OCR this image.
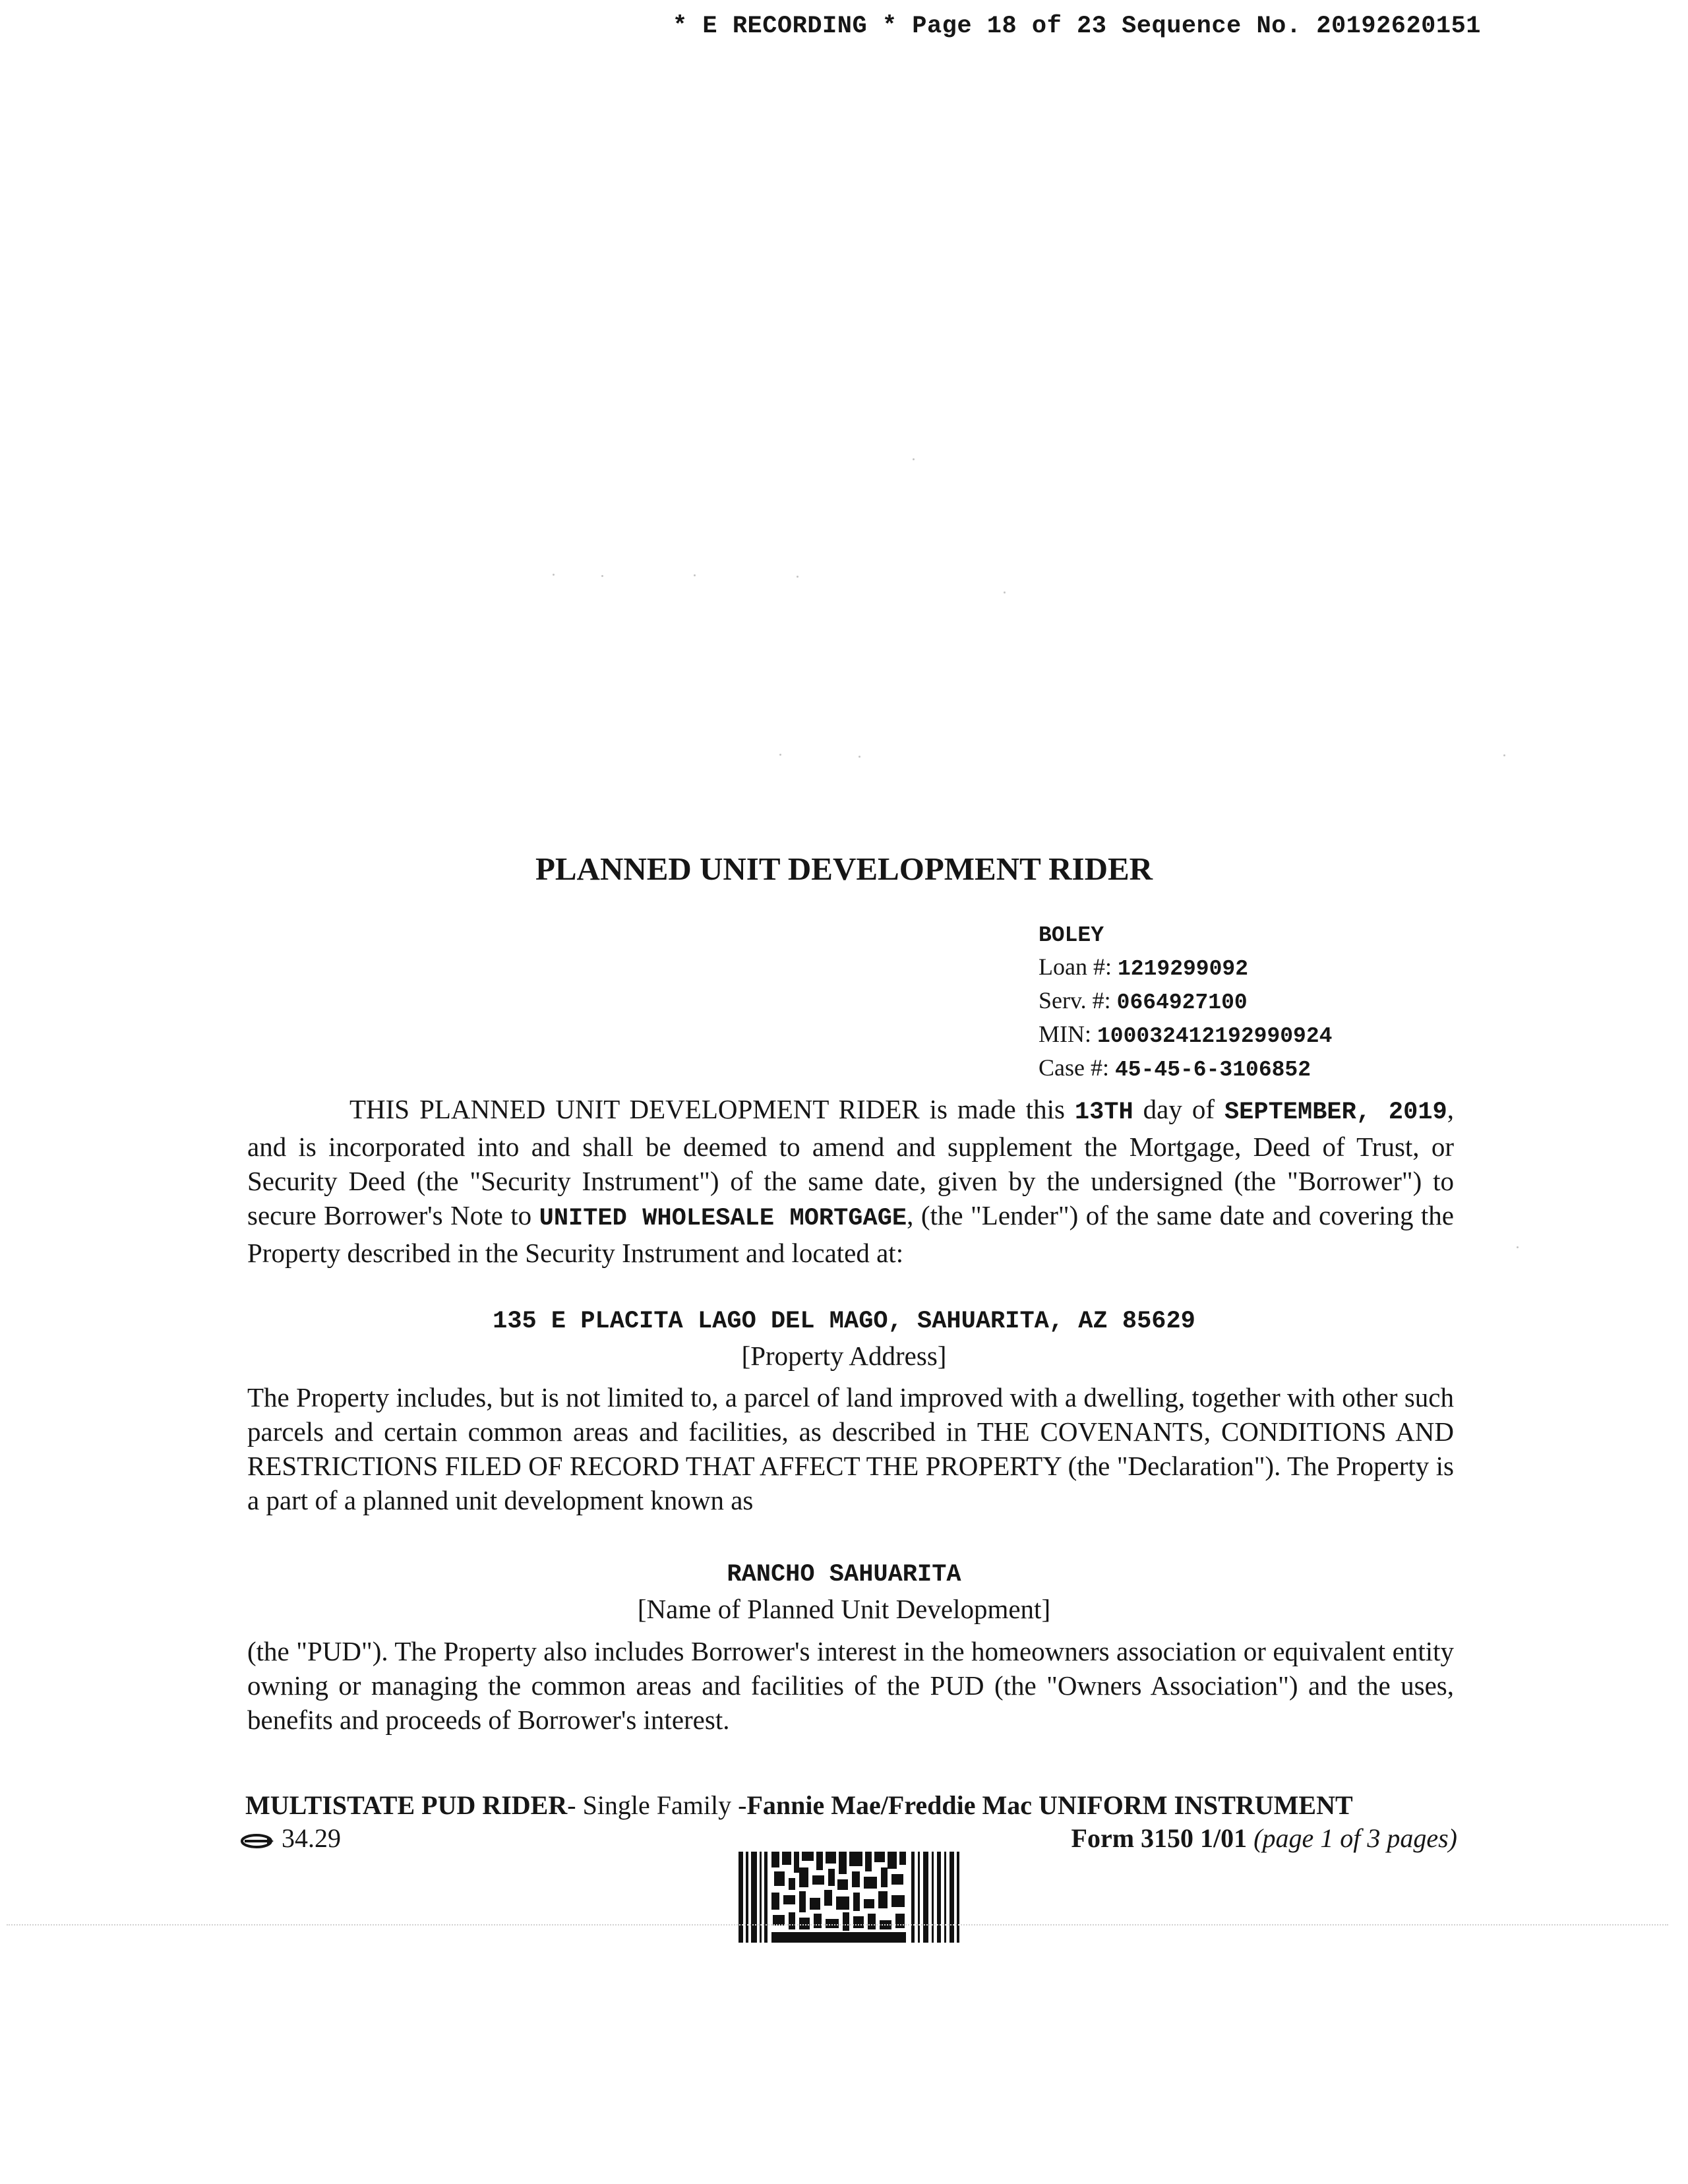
* E RECORDING * Page 18 of 23 Sequence No. 20192620151
PLANNED UNIT DEVELOPMENT RIDER
BOLEY
Loan #: 1219299092
Serv. #: 0664927100
MIN: 100032412192990924
Case #: 45-45-6-3106852
THIS PLANNED UNIT DEVELOPMENT RIDER is made this 13TH day of SEPTEMBER, 2019, and is incorporated into and shall be deemed to amend and supplement the Mortgage, Deed of Trust, or Security Deed (the "Security Instrument") of the same date, given by the undersigned (the "Borrower") to secure Borrower's Note to UNITED WHOLESALE MORTGAGE, (the "Lender") of the same date and covering the Property described in the Security Instrument and located at:
135 E PLACITA LAGO DEL MAGO, SAHUARITA, AZ 85629
[Property Address]
The Property includes, but is not limited to, a parcel of land improved with a dwelling, together with other such parcels and certain common areas and facilities, as described in THE COVENANTS, CONDITIONS AND RESTRICTIONS FILED OF RECORD THAT AFFECT THE PROPERTY (the "Declaration"). The Property is a part of a planned unit development known as
RANCHO SAHUARITA
[Name of Planned Unit Development]
(the "PUD"). The Property also includes Borrower's interest in the homeowners association or equivalent entity owning or managing the common areas and facilities of the PUD (the "Owners Association") and the uses, benefits and proceeds of Borrower's interest.
MULTISTATE PUD RIDER- Single Family -Fannie Mae/Freddie Mac UNIFORM INSTRUMENT
34.29	Form 3150 1/01 (page 1 of 3 pages)
